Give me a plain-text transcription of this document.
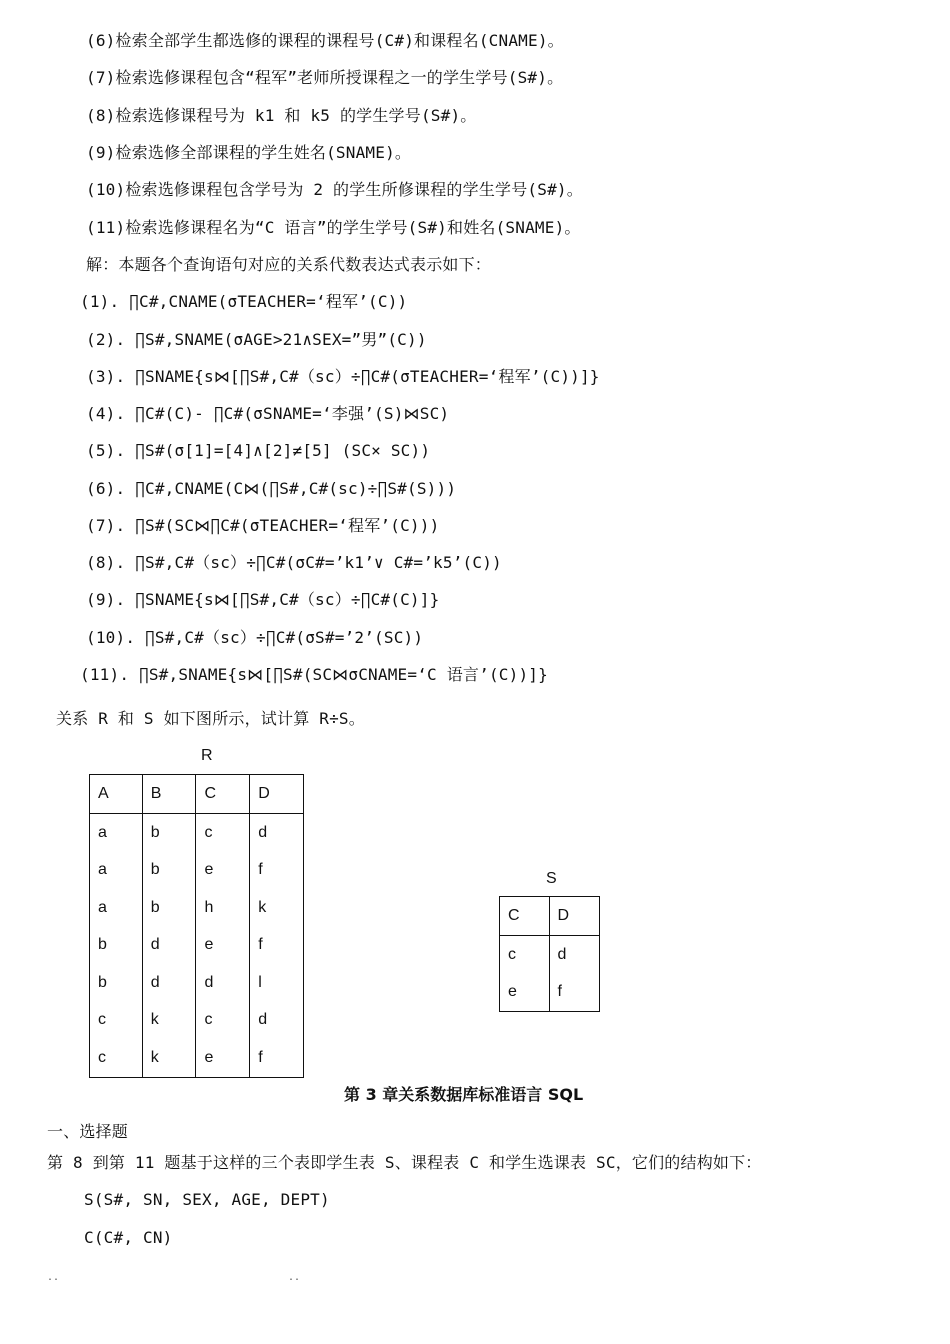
(6)检索全部学生都选修的课程的课程号(C#)和课程名(CNAME)。
(7)检索选修课程包含“程军”老师所授课程之一的学生学号(S#)。
(8)检索选修课程号为 k1 和 k5 的学生学号(S#)。
(9)检索选修全部课程的学生姓名(SNAME)。
(10)检索选修课程包含学号为 2 的学生所修课程的学生学号(S#)。
(11)检索选修课程名为“C 语言”的学生学号(S#)和姓名(SNAME)。
解：本题各个查询语句对应的关系代数表达式表示如下：
(1). ∏C#,CNAME(σTEACHER=‘程军’(C))
(2). ∏S#,SNAME(σAGE>21∧SEX=”男”(C))
(3). ∏SNAME{s⋈[∏S#,C#（sc）÷∏C#(σTEACHER=‘程军’(C))]}
(4). ∏C#(C)- ∏C#(σSNAME=‘李强’(S)⋈SC)
(5). ∏S#(σ[1]=[4]∧[2]≠[5] (SC× SC))
(6). ∏C#,CNAME(C⋈(∏S#,C#(sc)÷∏S#(S)))
(7). ∏S#(SC⋈∏C#(σTEACHER=‘程军’(C)))
(8). ∏S#,C#（sc）÷∏C#(σC#=’k1’∨ C#=’k5’(C))
(9). ∏SNAME{s⋈[∏S#,C#（sc）÷∏C#(C)]}
(10). ∏S#,C#（sc）÷∏C#(σS#=’2’(SC))
(11). ∏S#,SNAME{s⋈[∏S#(SC⋈σCNAME=‘C 语言’(C))]}
关系 R 和 S 如下图所示，试计算 R÷S。
R
A	B	C	D
a	b	c	d
a	b	e	f
a	b	h	k
b	d	e	f
b	d	d	l
c	k	c	d
c	k	e	f
S
C	D
c	d
e	f
第 3 章关系数据库标准语言 SQL
一、选择题
第 8 到第 11 题基于这样的三个表即学生表 S、课程表 C 和学生选课表 SC，它们的结构如下：
S(S#, SN, SEX, AGE, DEPT)
C(C#, CN)
..	..
